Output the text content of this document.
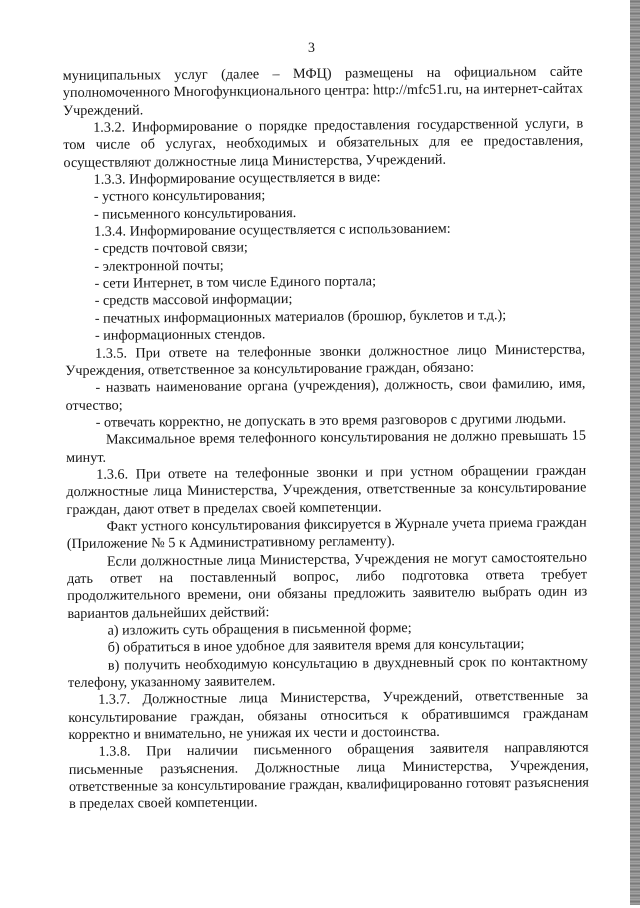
3

муниципальных услуг (далее – МФЦ) размещены на официальном сайте уполномоченного Многофункционального центра: http://mfc51.ru, на интернет-сайтах Учреждений.

1.3.2. Информирование о порядке предоставления государственной услуги, в том числе об услугах, необходимых и обязательных для ее предоставления, осуществляют должностные лица Министерства, Учреждений.

1.3.3. Информирование осуществляется в виде:

- устного консультирования;

- письменного консультирования.

1.3.4. Информирование осуществляется с использованием:

- средств почтовой связи;

- электронной почты;

- сети Интернет, в том числе Единого портала;

- средств массовой информации;

- печатных информационных материалов (брошюр, буклетов и т.д.);

- информационных стендов.

1.3.5. При ответе на телефонные звонки должностное лицо Министерства, Учреждения, ответственное за консультирование граждан, обязано:

- назвать наименование органа (учреждения), должность, свои фамилию, имя, отчество;

- отвечать корректно, не допускать в это время разговоров с другими людьми.

Максимальное время телефонного консультирования не должно превышать 15 минут.

1.3.6. При ответе на телефонные звонки и при устном обращении граждан должностные лица Министерства, Учреждения, ответственные за консультирование граждан, дают ответ в пределах своей компетенции.

Факт устного консультирования фиксируется в Журнале учета приема граждан (Приложение № 5 к Административному регламенту).

Если должностные лица Министерства, Учреждения не могут самостоятельно дать ответ на поставленный вопрос, либо подготовка ответа требует продолжительного времени, они обязаны предложить заявителю выбрать один из вариантов дальнейших действий:

а) изложить суть обращения в письменной форме;

б) обратиться в иное удобное для заявителя время для консультации;

в) получить необходимую консультацию в двухдневный срок по контактному телефону, указанному заявителем.

1.3.7. Должностные лица Министерства, Учреждений, ответственные за консультирование граждан, обязаны относиться к обратившимся гражданам корректно и внимательно, не унижая их чести и достоинства.

1.3.8. При наличии письменного обращения заявителя направляются письменные разъяснения. Должностные лица Министерства, Учреждения, ответственные за консультирование граждан, квалифицированно готовят разъяснения в пределах своей компетенции.
